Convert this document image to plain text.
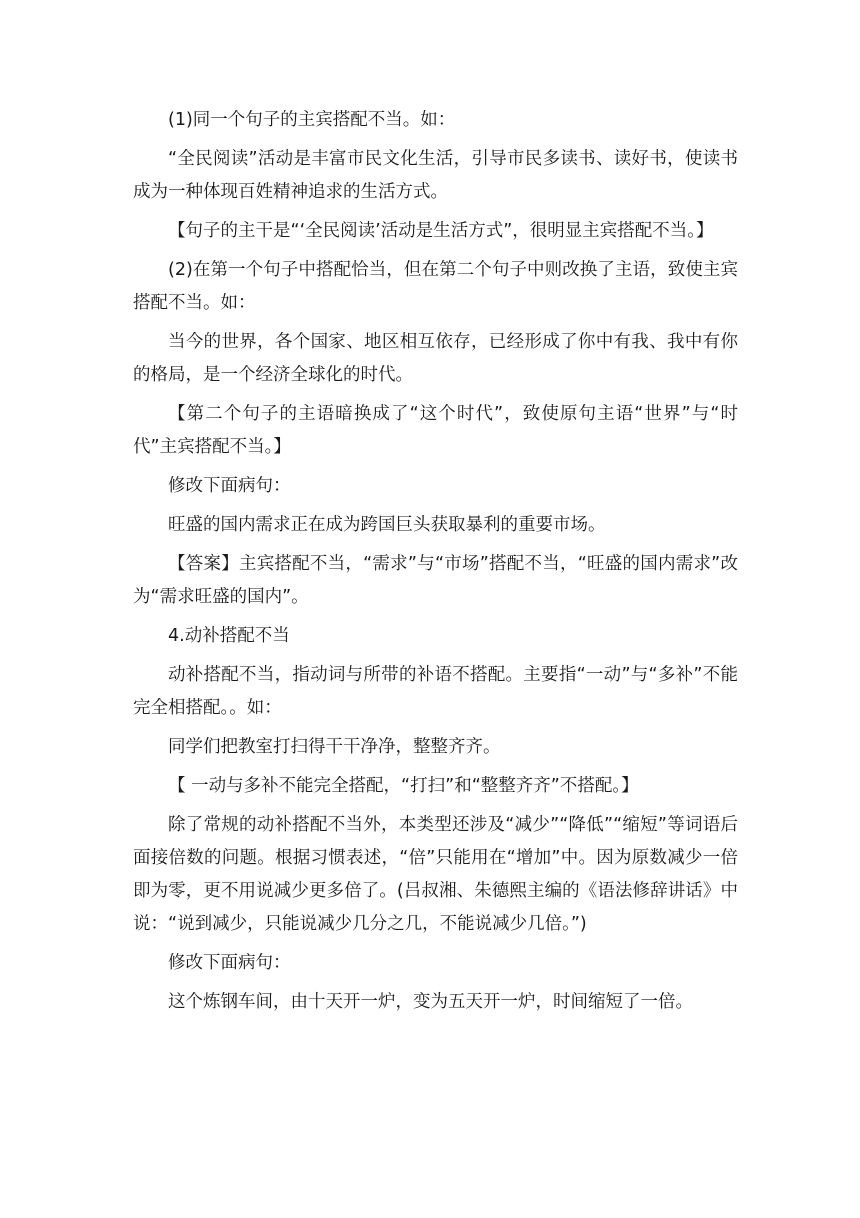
(1)同一个句子的主宾搭配不当。如：

“全民阅读”活动是丰富市民文化生活，引导市民多读书、读好书，使读书成为一种体现百姓精神追求的生活方式。

【句子的主干是“‘全民阅读’活动是生活方式”，很明显主宾搭配不当。】

(2)在第一个句子中搭配恰当，但在第二个句子中则改换了主语，致使主宾搭配不当。如：

当今的世界，各个国家、地区相互依存，已经形成了你中有我、我中有你的格局，是一个经济全球化的时代。

【第二个句子的主语暗换成了“这个时代”，致使原句主语“世界”与“时代”主宾搭配不当。】

修改下面病句：

旺盛的国内需求正在成为跨国巨头获取暴利的重要市场。

【答案】主宾搭配不当，“需求”与“市场”搭配不当，“旺盛的国内需求”改为“需求旺盛的国内”。

4.动补搭配不当

动补搭配不当，指动词与所带的补语不搭配。主要指“一动”与“多补”不能完全相搭配。。如：

同学们把教室打扫得干干净净，整整齐齐。

【 一动与多补不能完全搭配，“打扫”和“整整齐齐”不搭配。】

除了常规的动补搭配不当外，本类型还涉及“减少”“降低”“缩短”等词语后面接倍数的问题。根据习惯表述，“倍”只能用在“增加”中。因为原数减少一倍即为零，更不用说减少更多倍了。(吕叔湘、朱德熙主编的《语法修辞讲话》中说：“说到减少，只能说减少几分之几，不能说减少几倍。”)

修改下面病句：

这个炼钢车间，由十天开一炉，变为五天开一炉，时间缩短了一倍。
